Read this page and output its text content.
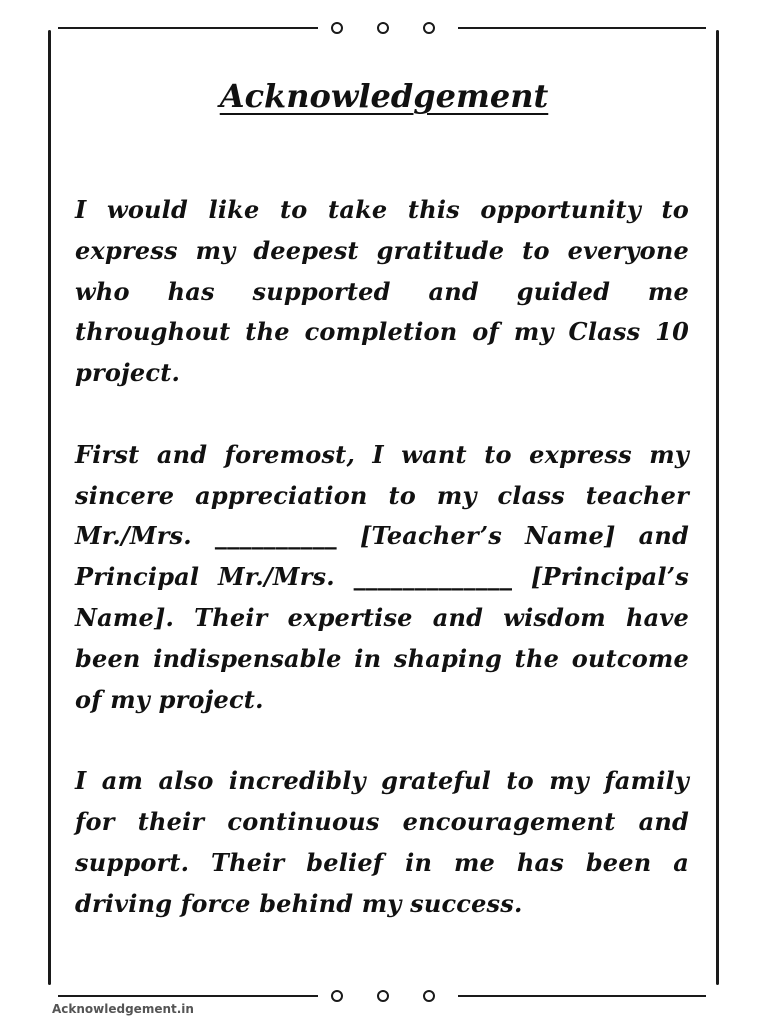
Acknowledgement

I would like to take this opportunity to express my deepest gratitude to everyone who has supported and guided me throughout the completion of my Class 10 project.

First and foremost, I want to express my sincere appreciation to my class teacher Mr./Mrs. __________ [Teacher’s Name] and Principal Mr./Mrs. _____________ [Principal’s Name]. Their expertise and wisdom have been indispensable in shaping the outcome of my project.

I am also incredibly grateful to my family for their continuous encouragement and support. Their belief in me has been a driving force behind my success.

Acknowledgement.in
